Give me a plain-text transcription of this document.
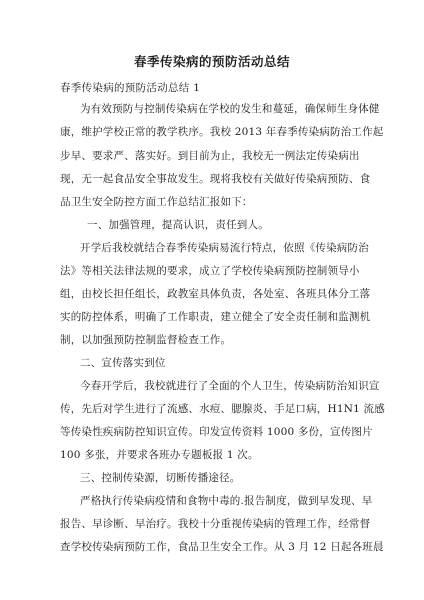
春季传染病的预防活动总结
春季传染病的预防活动总结 1
为有效预防与控制传染病在学校的发生和蔓延，确保师生身体健
康，维护学校正常的教学秩序。我校 2013 年春季传染病防治工作起
步早、要求严、落实好。到目前为止，我校无一例法定传染病出
现，无一起食品安全事故发生。现将我校有关做好传染病预防、食
品卫生安全防控方面工作总结汇报如下：
一、加强管理，提高认识，责任到人。
开学后我校就结合春季传染病易流行特点，依照《传染病防治
法》等相关法律法规的要求，成立了学校传染病预防控制领导小
组，由校长担任组长，政教室具体负责，各处室、各班具体分工落
实的防控体系，明确了工作职责，建立健全了安全责任制和监测机
制，以加强预防控制监督检查工作。
二、宣传落实到位
今春开学后，我校就进行了全面的个人卫生，传染病防治知识宣
传，先后对学生进行了流感、水痘、腮腺炎、手足口病，H1N1 流感
等传染性疾病防控知识宣传。印发宣传资料 1000 多份，宣传图片
100 多张，并要求各班办专题板报 1 次。
三、控制传染源，切断传播途径。
严格执行传染病疫情和食物中毒的.报告制度，做到早发现、早
报告、早诊断、早治疗。我校十分重视传染病的管理工作，经常督
查学校传染病预防工作，食品卫生安全工作。从 3 月 12 日起各班晨
